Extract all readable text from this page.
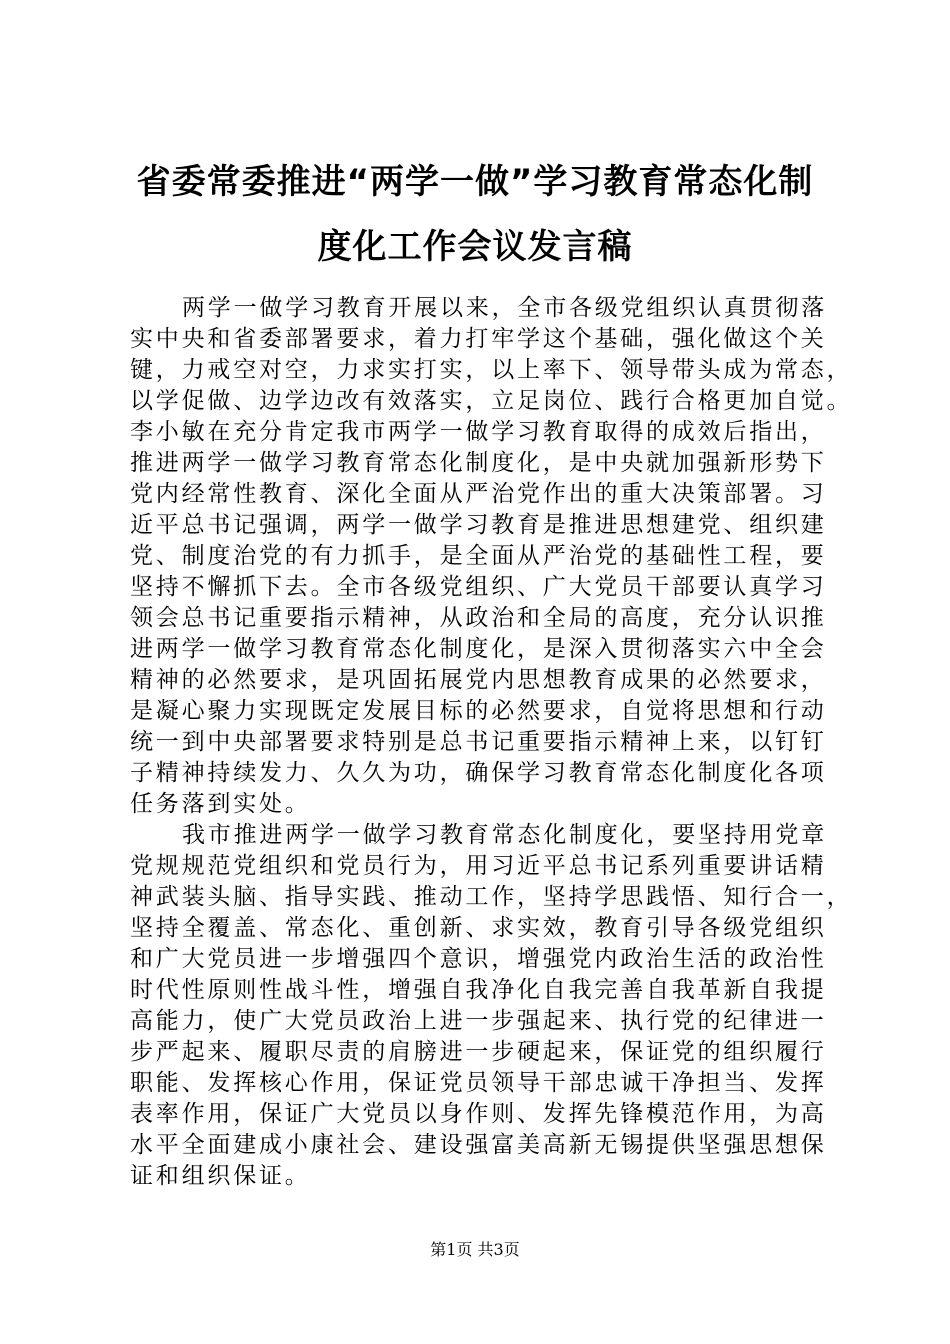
省委常委推进“两学一做”学习教育常态化制
度化工作会议发言稿
两学一做学习教育开展以来，全市各级党组织认真贯彻落
实中央和省委部署要求，着力打牢学这个基础，强化做这个关
键，力戒空对空，力求实打实，以上率下、领导带头成为常态，
以学促做、边学边改有效落实，立足岗位、践行合格更加自觉。
李小敏在充分肯定我市两学一做学习教育取得的成效后指出，
推进两学一做学习教育常态化制度化，是中央就加强新形势下
党内经常性教育、深化全面从严治党作出的重大决策部署。习
近平总书记强调，两学一做学习教育是推进思想建党、组织建
党、制度治党的有力抓手，是全面从严治党的基础性工程，要
坚持不懈抓下去。全市各级党组织、广大党员干部要认真学习
领会总书记重要指示精神，从政治和全局的高度，充分认识推
进两学一做学习教育常态化制度化，是深入贯彻落实六中全会
精神的必然要求，是巩固拓展党内思想教育成果的必然要求，
是凝心聚力实现既定发展目标的必然要求，自觉将思想和行动
统一到中央部署要求特别是总书记重要指示精神上来，以钉钉
子精神持续发力、久久为功，确保学习教育常态化制度化各项
任务落到实处。
我市推进两学一做学习教育常态化制度化，要坚持用党章
党规规范党组织和党员行为，用习近平总书记系列重要讲话精
神武装头脑、指导实践、推动工作，坚持学思践悟、知行合一，
坚持全覆盖、常态化、重创新、求实效，教育引导各级党组织
和广大党员进一步增强四个意识，增强党内政治生活的政治性
时代性原则性战斗性，增强自我净化自我完善自我革新自我提
高能力，使广大党员政治上进一步强起来、执行党的纪律进一
步严起来、履职尽责的肩膀进一步硬起来，保证党的组织履行
职能、发挥核心作用，保证党员领导干部忠诚干净担当、发挥
表率作用，保证广大党员以身作则、发挥先锋模范作用，为高
水平全面建成小康社会、建设强富美高新无锡提供坚强思想保
证和组织保证。
第1页 共3页
